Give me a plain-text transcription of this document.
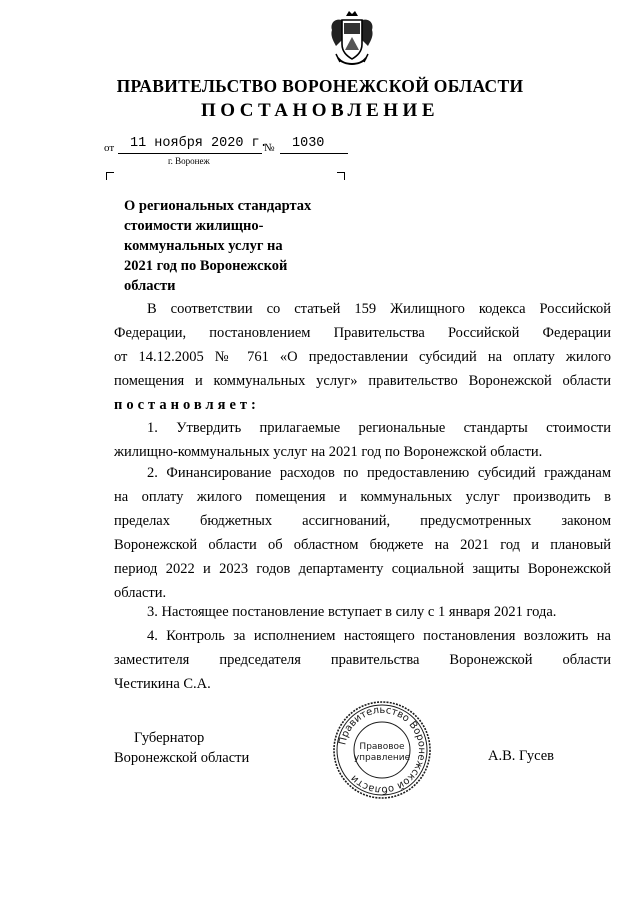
ПРАВИТЕЛЬСТВО ВОРОНЕЖСКОЙ ОБЛАСТИ
ПОСТАНОВЛЕНИЕ
от 11 ноября 2020 г.
№ 1030
г. Воронеж
О региональных стандартах
стоимости жилищно-
коммунальных услуг на
2021 год по Воронежской
области
В соответствии со статьей 159 Жилищного кодекса Российской
Федерации, постановлением Правительства Российской Федерации
от 14.12.2005 № 761 «О предоставлении субсидий на оплату жилого
помещения и коммунальных услуг» правительство Воронежской области
постановляет:
1. Утвердить прилагаемые региональные стандарты стоимости
жилищно-коммунальных услуг на 2021 год по Воронежской области.
2. Финансирование расходов по предоставлению субсидий гражданам
на оплату жилого помещения и коммунальных услуг производить в
пределах бюджетных ассигнований, предусмотренных законом
Воронежской области об областном бюджете на 2021 год и плановый
период 2022 и 2023 годов департаменту социальной защиты Воронежской
области.
3. Настоящее постановление вступает в силу с 1 января 2021 года.
4. Контроль за исполнением настоящего постановления возложить на
заместителя председателя правительства Воронежской области
Честикина С.А.
Губернатор
Воронежской области	А.В. Гусев
Правительство Воронежской области
Правовое
управление
